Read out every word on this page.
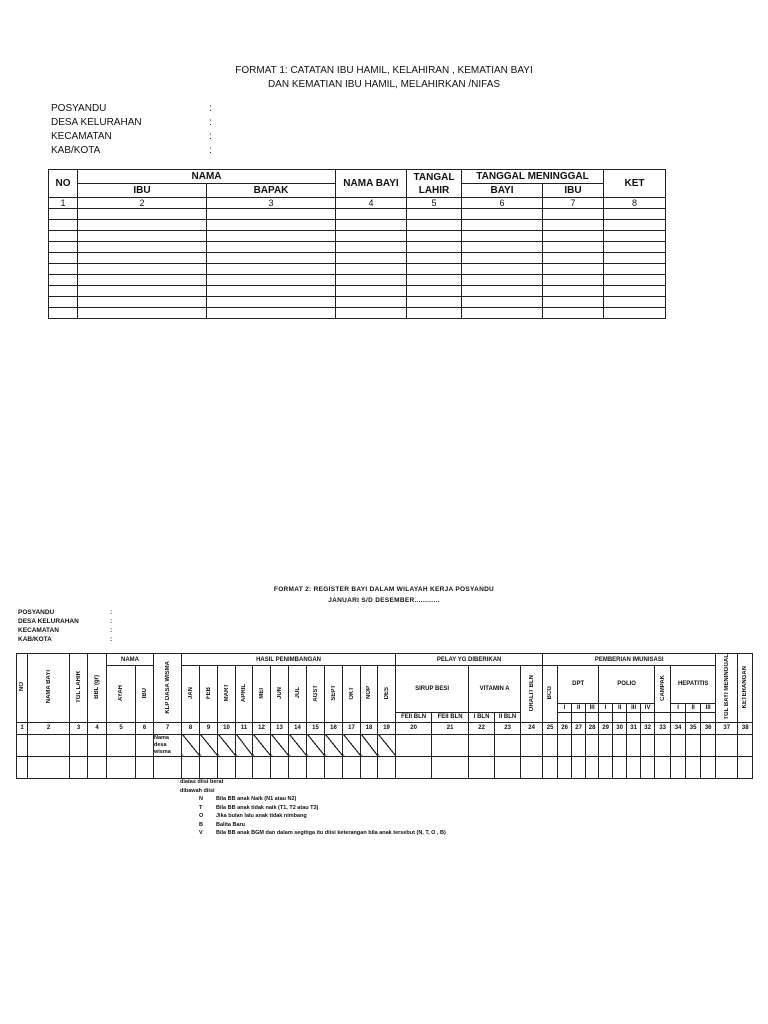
FORMAT 1: CATATAN IBU HAMIL, KELAHIRAN , KEMATIAN BAYI
DAN KEMATIAN IBU HAMIL, MELAHIRKAN /NIFAS
POSYANDU	:
DESA KELURAHAN	:
KECAMATAN	:
KAB/KOTA	:
NO	NAMA		NAMA BAYI	TANGAL LAHIR	TANGGAL MENINGGAL		KET
	IBU	BAPAK			BAYI	IBU	
1	2	3	4	5	6	7	8

FORMAT 2: REGISTER BAYI DALAM WILAYAH KERJA POSYANDU
JANUARI S/D DESEMBER............
POSYANDU	:
DESA KELURAHAN	:
KECAMATAN	:
KAB/KOTA	:
NO	NAMA BAYI	TGL LAHIR	BBL (gr)	NAMA		KLP DASA WISMA	HASIL PENIMBANGAN												PELAY YG DIBERIKAN					PEMBERIAN IMUNISASI												TGL BAYI MENINGGAL	KETERANGAN
				AYAH	IBU		JAN	FEB	MART	APRIL	MEI	JUN	JUL	AGST	SEPT	OKT	NOP	DES	SIRUP BESI		VITAMIN A		ORALIT BLN	BCG	DPT			POLIO				CAMPAK	HEPATITIS				
																									I	II	III	I	II	III	IV		I	II	III		
																			FEII BLN	FEII BLN	I BLN	II BLN															
1	2	3	4	5	6	7	8	9	10	11	12	13	14	15	16	17	18	19	20	21	22	23	24	25	26	27	28	29	30	31	32	33	34	35	36	37	38
						Nama desa wisma																															

diatas diisi berat
dibawah diisi
N Bila BB anak Naik (N1 atau N2)
T Bila BB anak tidak naik (T1, T2 atau T3)
O Jika bulan lalu anak tidak nimbang
B Balita Baru
V Bila BB anak BGM dan dalam segitiga itu diisi keterangan bila anak tersebut (N, T, O , B)
